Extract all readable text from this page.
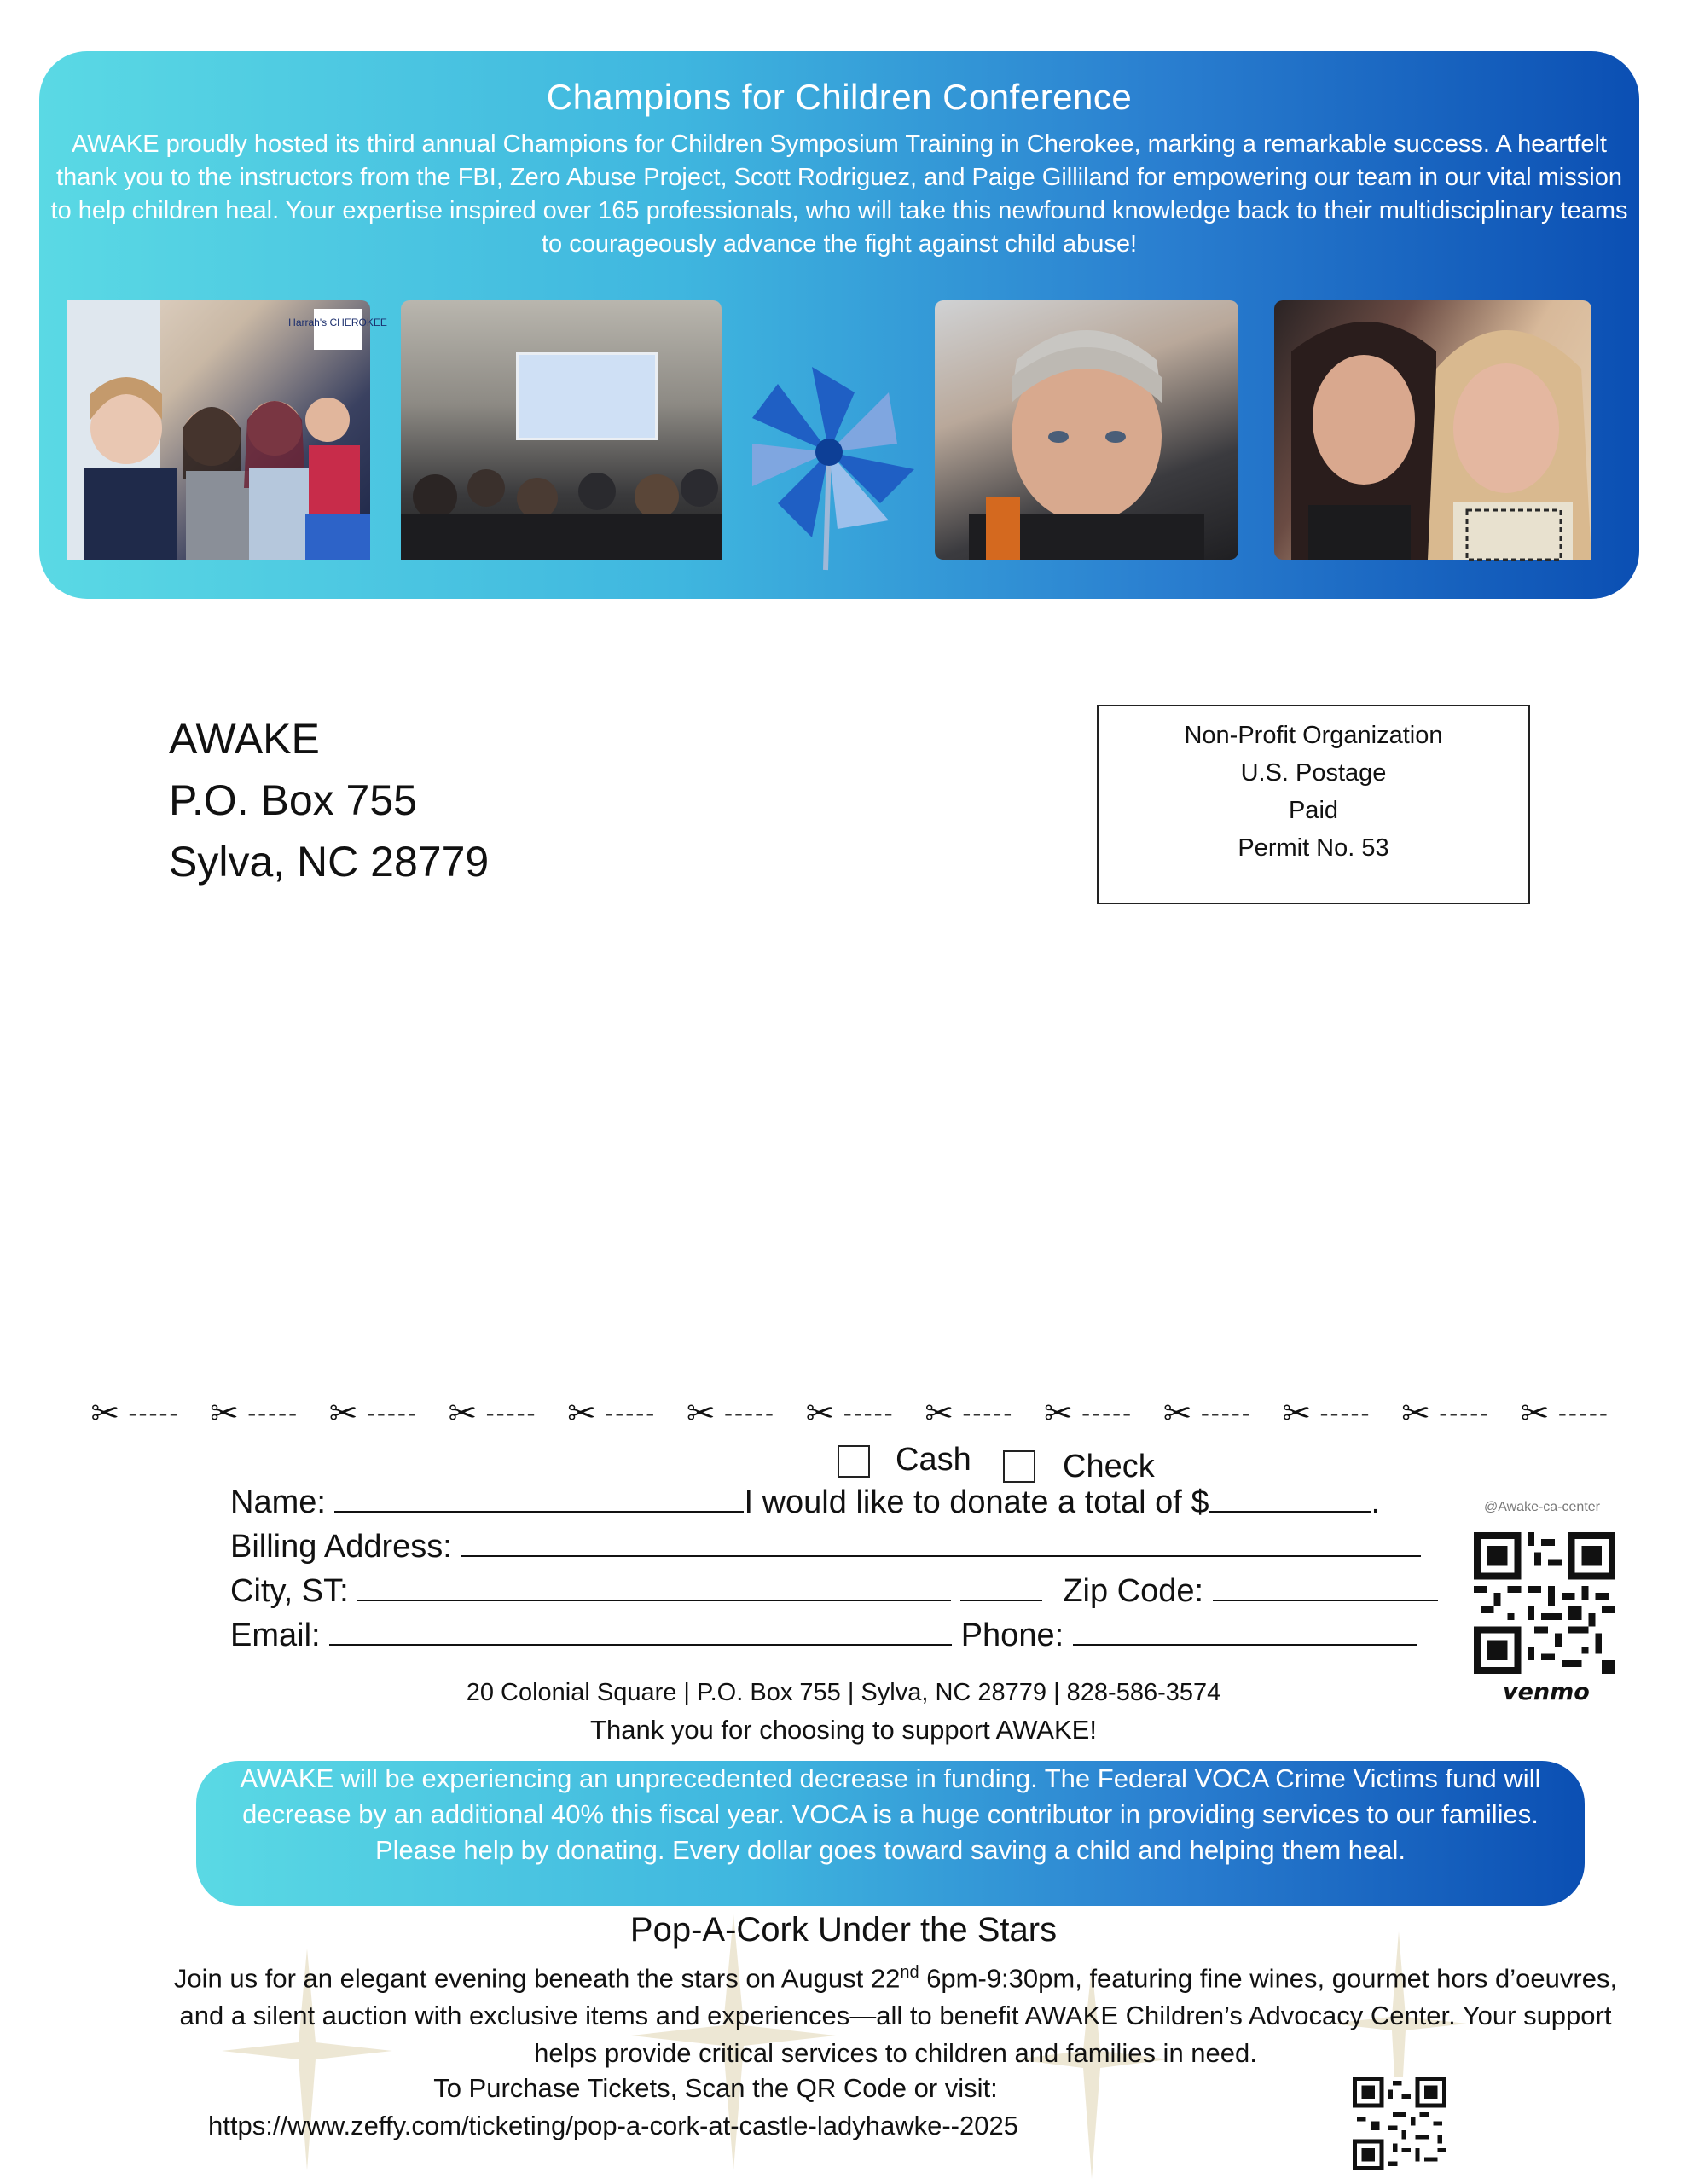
Champions for Children Conference
AWAKE proudly hosted its third annual Champions for Children Symposium Training in Cherokee, marking a remarkable success. A heartfelt thank you to the instructors from the FBI, Zero Abuse Project, Scott Rodriguez, and Paige Gilliland for empowering our team in our vital mission to help children heal. Your expertise inspired over 165 professionals, who will take this newfound knowledge back to their multidisciplinary teams to courageously advance the fight against child abuse!
Harrah's CHEROKEE
AWAKE
P.O. Box 755
Sylva, NC 28779
Non-Profit Organization
U.S. Postage
Paid
Permit No. 53
✂ ----- ✂ ----- ✂ ----- ✂ ----- ✂ ----- ✂ ----- ✂ ----- ✂ ----- ✂ ----- ✂ ----- ✂ ----- ✂ ----- ✂ -----
Cash	Check
Name:	I would like to donate a total of $	.
Billing Address:
City, ST:	Zip Code:
Email:	Phone:
@Awake-ca-center
venmo
20 Colonial Square | P.O. Box 755 | Sylva, NC 28779 | 828-586-3574
Thank you for choosing to support AWAKE!
AWAKE will be experiencing an unprecedented decrease in funding. The Federal VOCA Crime Victims fund will decrease by an additional 40% this fiscal year. VOCA is a huge contributor in providing services to our families. Please help by donating. Every dollar goes toward saving a child and helping them heal.
Pop-A-Cork Under the Stars
Join us for an elegant evening beneath the stars on August 22nd 6pm-9:30pm, featuring fine wines, gourmet hors d’oeuvres, and a silent auction with exclusive items and experiences—all to benefit AWAKE Children’s Advocacy Center. Your support helps provide critical services to children and families in need.
To Purchase Tickets, Scan the QR Code or visit:
https://www.zeffy.com/ticketing/pop-a-cork-at-castle-ladyhawke--2025
